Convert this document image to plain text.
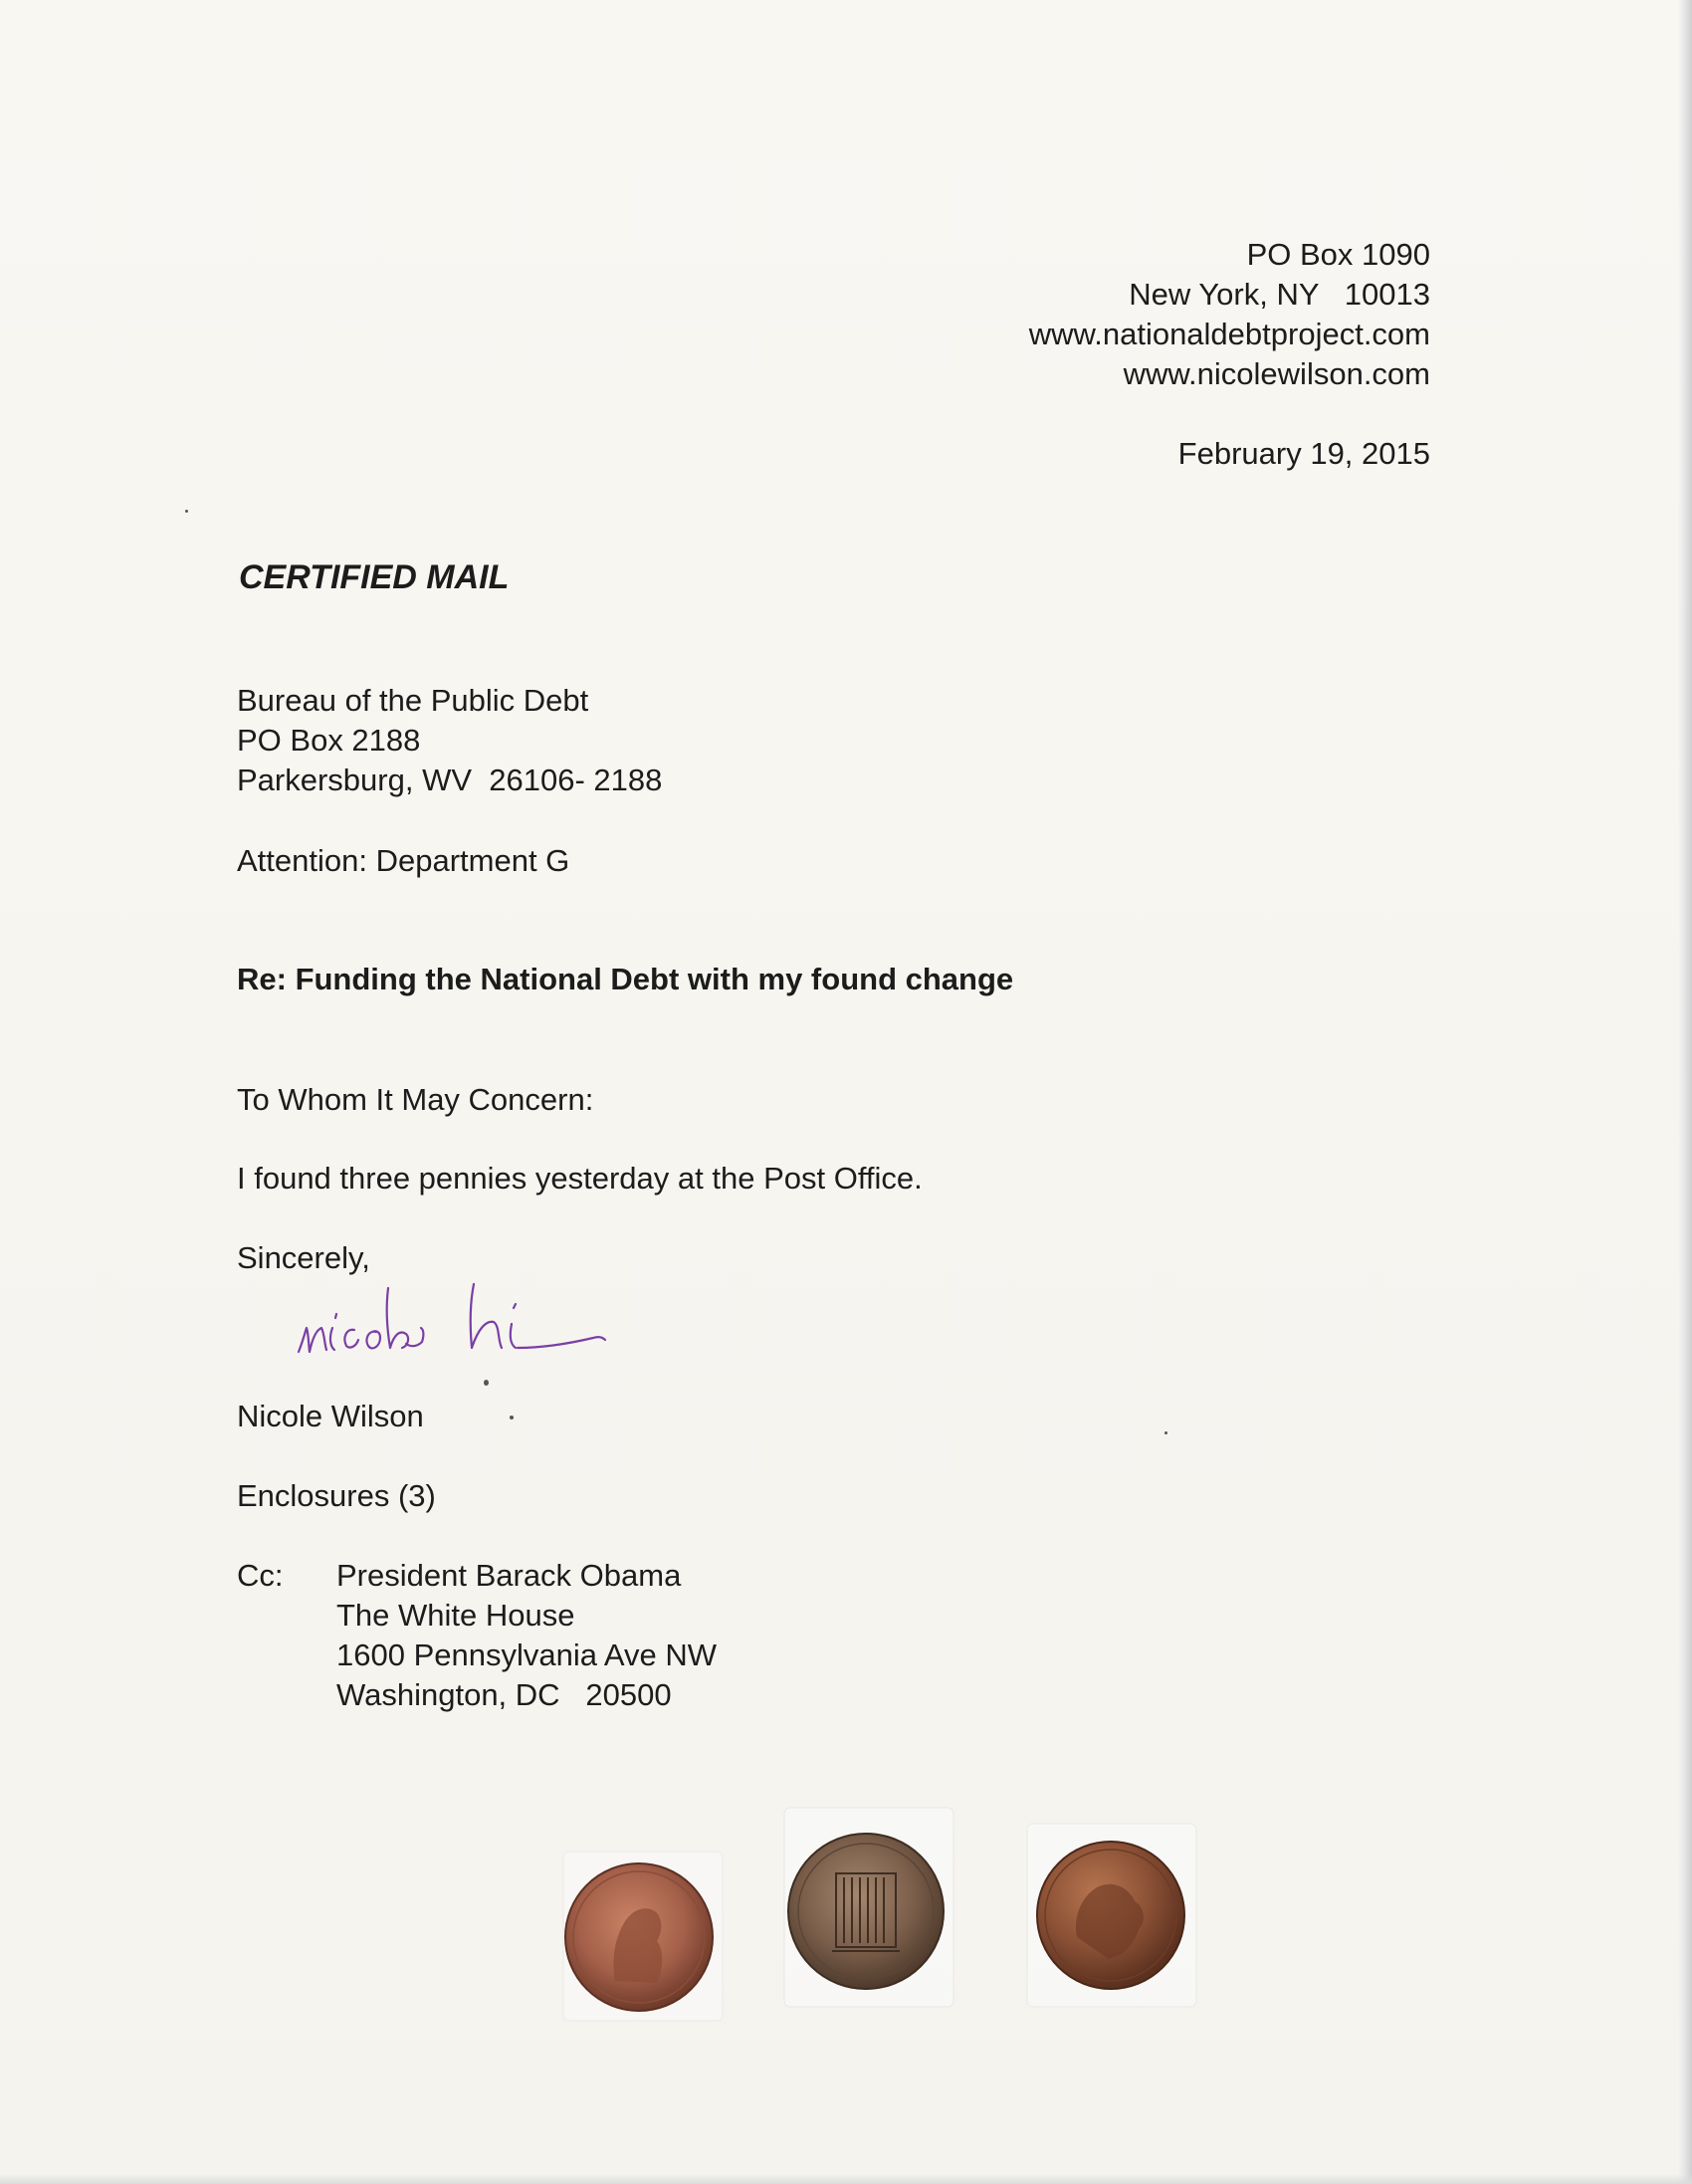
PO Box 1090
New York, NY   10013
www.nationaldebtproject.com
www.nicolewilson.com
February 19, 2015
CERTIFIED MAIL
Bureau of the Public Debt
PO Box 2188
Parkersburg, WV  26106- 2188
Attention: Department G
Re: Funding the National Debt with my found change
To Whom It May Concern:
I found three pennies yesterday at the Post Office.
Sincerely,
Nicole Wilson
Enclosures (3)
Cc: President Barack Obama
The White House
1600 Pennsylvania Ave NW
Washington, DC   20500
